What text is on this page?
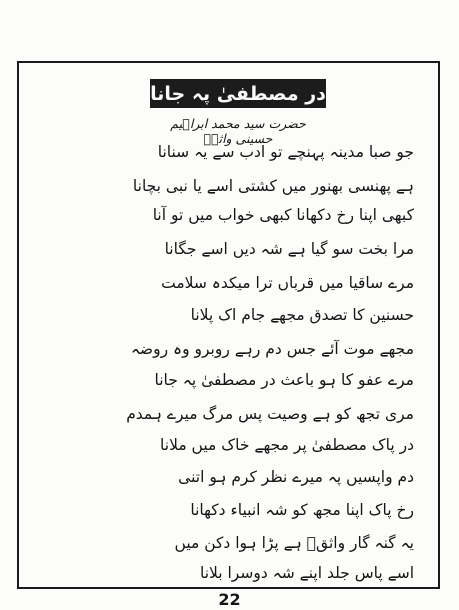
در مصطفیٰ پہ جانا
حضرت سید محمد ابراہیم حسینی واثقؔ
جو صبا مدینہ پہنچے تو ادب سے یہ سنانا
ہے پھنسی بھنور میں کشتی اسے یا نبی بچانا
کبھی اپنا رخ دکھانا کبھی خواب میں تو آنا
مرا بخت سو گیا ہے شہ دیں اسے جگانا
مرے ساقیا میں قرباں ترا میکدہ سلامت
حسنین کا تصدق مجھے جام اک پلانا
مجھے موت آئے جس دم رہے روبرو وہ روضہ
مرے عفو کا ہو باعث در مصطفیٰ پہ جانا
مری تجھ کو ہے وصیت پس مرگ میرے ہمدم
در پاک مصطفیٰ پر مجھے خاک میں ملانا
دم واپسیں پہ میرے نظر کرم ہو اتنی
رخ پاک اپنا مجھ کو شہ انبیاء دکھانا
یہ گنہ گار واثقؔ ہے پڑا ہوا دکن میں
اسے پاس جلد اپنے شہ دوسرا بلانا
22
